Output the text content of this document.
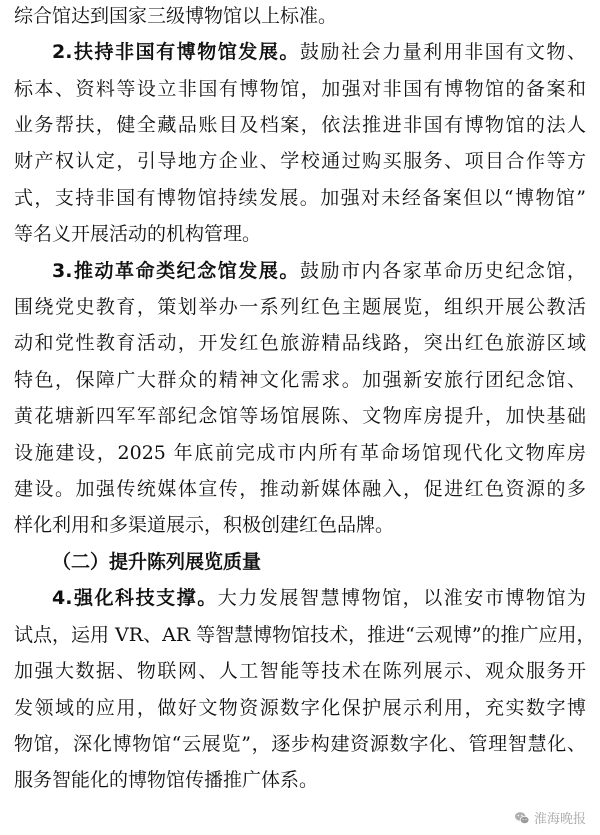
综合馆达到国家三级博物馆以上标准。
2.扶持非国有博物馆发展。鼓励社会力量利用非国有文物、
标本、资料等设立非国有博物馆，加强对非国有博物馆的备案和
业务帮扶，健全藏品账目及档案，依法推进非国有博物馆的法人
财产权认定，引导地方企业、学校通过购买服务、项目合作等方
式，支持非国有博物馆持续发展。加强对未经备案但以“博物馆”
等名义开展活动的机构管理。
3.推动革命类纪念馆发展。鼓励市内各家革命历史纪念馆，
围绕党史教育，策划举办一系列红色主题展览，组织开展公教活
动和党性教育活动，开发红色旅游精品线路，突出红色旅游区域
特色，保障广大群众的精神文化需求。加强新安旅行团纪念馆、
黄花塘新四军军部纪念馆等场馆展陈、文物库房提升，加快基础
设施建设，2025 年底前完成市内所有革命场馆现代化文物库房
建设。加强传统媒体宣传，推动新媒体融入，促进红色资源的多
样化利用和多渠道展示，积极创建红色品牌。
（二）提升陈列展览质量
4.强化科技支撑。大力发展智慧博物馆，以淮安市博物馆为
试点，运用 VR、AR 等智慧博物馆技术，推进“云观博”的推广应用，
加强大数据、物联网、人工智能等技术在陈列展示、观众服务开
发领域的应用，做好文物资源数字化保护展示利用，充实数字博
物馆，深化博物馆“云展览”，逐步构建资源数字化、管理智慧化、
服务智能化的博物馆传播推广体系。
淮海晚报
